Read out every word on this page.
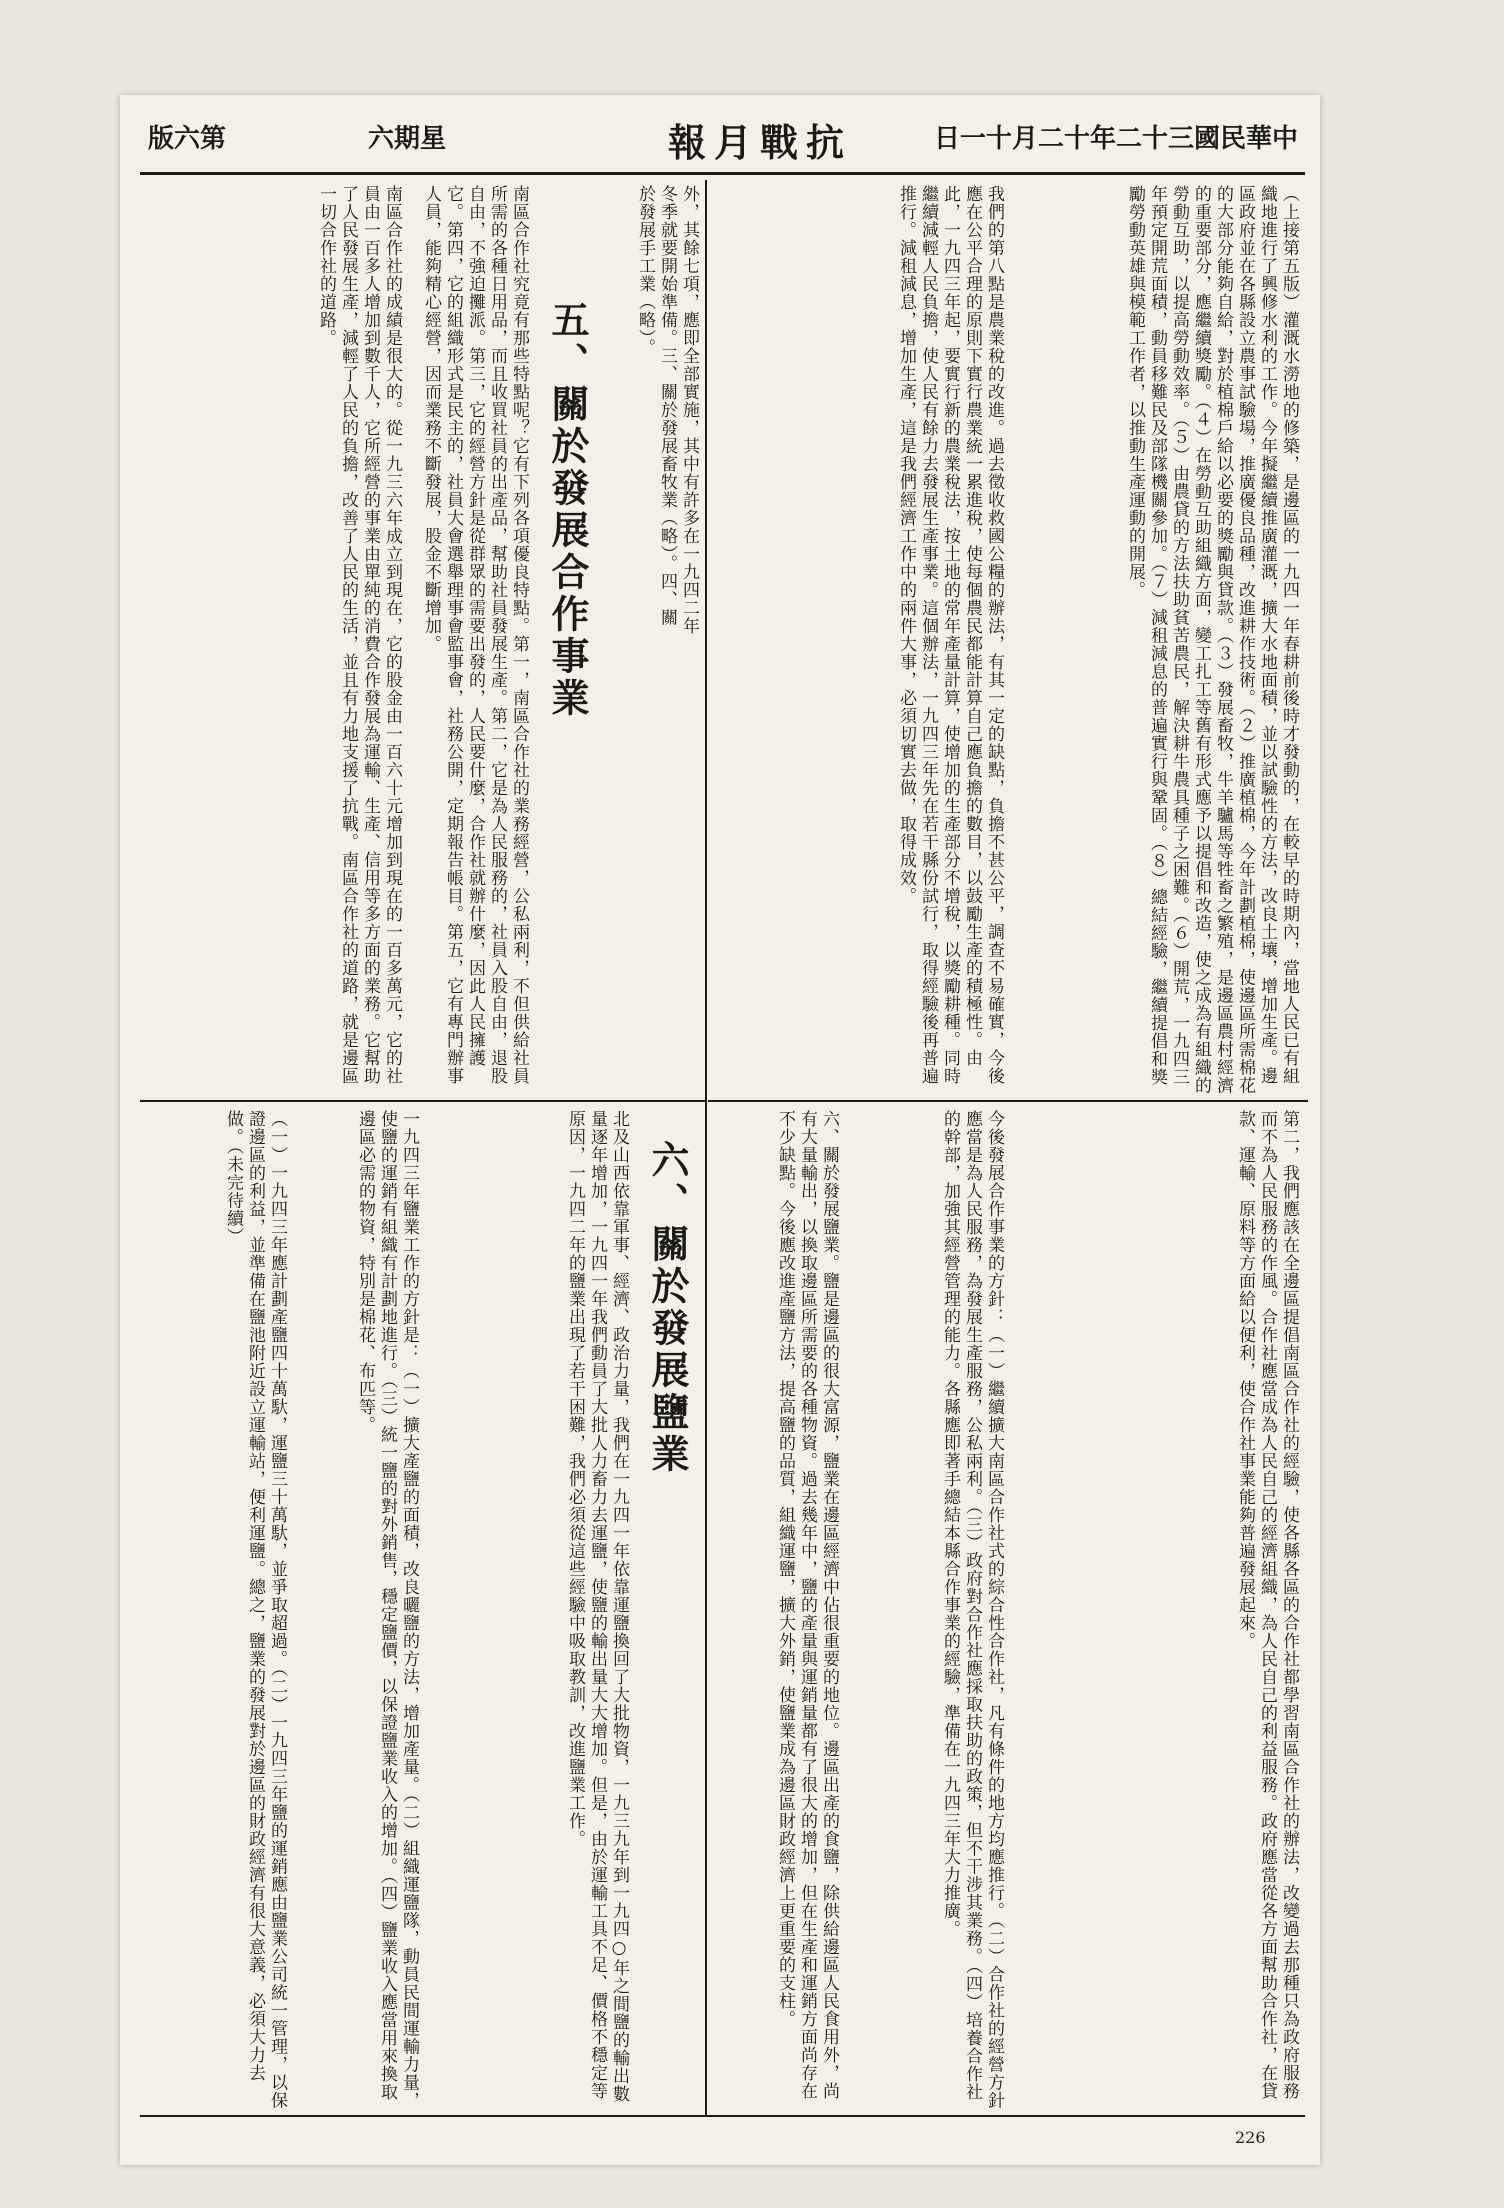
版六第	六期星	報月戰抗	日一十月二十年二十三國民華中

（上接第五版）灌溉水澇地的修築，是邊區的一九四一年春耕前後時才發動的，在較早的時期內，當地人民已有組織地進行了興修水利的工作。今年擬繼續推廣灌溉，擴大水地面積，並以試驗性的方法，改良土壤，增加生產。邊區政府並在各縣設立農事試驗場，推廣優良品種，改進耕作技術。（２）推廣植棉，今年計劃植棉，使邊區所需棉花的大部分能夠自給，對於植棉戶給以必要的獎勵與貸款。（３）發展畜牧，牛羊驢馬等牲畜之繁殖，是邊區農村經濟的重要部分，應繼續獎勵。（４）在勞動互助組織方面，變工扎工等舊有形式應予以提倡和改造，使之成為有組織的勞動互助，以提高勞動效率。（５）由農貸的方法扶助貧苦農民，解決耕牛農具種子之困難。（６）開荒，一九四三年預定開荒面積，動員移難民及部隊機關參加。（７）減租減息的普遍實行與鞏固。（８）總結經驗，繼續提倡和獎勵勞動英雄與模範工作者，以推動生產運動的開展。

我們的第八點是農業稅的改進。過去徵收救國公糧的辦法，有其一定的缺點，負擔不甚公平，調查不易確實，今後應在公平合理的原則下實行農業統一累進稅，使每個農民都能計算自己應負擔的數目，以鼓勵生產的積極性。由此，一九四三年起，要實行新的農業稅法，按土地的常年產量計算，使增加的生產部分不增稅，以獎勵耕種。同時繼續減輕人民負擔，使人民有餘力去發展生產事業。這個辦法，一九四三年先在若干縣份試行，取得經驗後再普遍推行。減租減息，增加生產，這是我們經濟工作中的兩件大事，必須切實去做，取得成效。

外，其餘七項，應即全部實施，其中有許多在一九四二年冬季就要開始準備。三、關於發展畜牧業（略）。四、關於發展手工業（略）。

五、關於發展合作事業

南區合作社究竟有那些特點呢？它有下列各項優良特點。第一，南區合作社的業務經營，公私兩利，不但供給社員所需的各種日用品，而且收買社員的出產品，幫助社員發展生產。第二，它是為人民服務的，社員入股自由，退股自由，不強迫攤派。第三，它的經營方針是從群眾的需要出發的，人民要什麼，合作社就辦什麼，因此人民擁護它。第四，它的組織形式是民主的，社員大會選舉理事會監事會，社務公開，定期報告帳目。第五，它有專門辦事人員，能夠精心經營，因而業務不斷發展，股金不斷增加。

南區合作社的成績是很大的。從一九三六年成立到現在，它的股金由一百六十元增加到現在的一百多萬元，它的社員由一百多人增加到數千人，它所經營的事業由單純的消費合作發展為運輸、生產、信用等多方面的業務。它幫助了人民發展生產，減輕了人民的負擔，改善了人民的生活，並且有力地支援了抗戰。南區合作社的道路，就是邊區一切合作社的道路。

第二，我們應該在全邊區提倡南區合作社的經驗，使各縣各區的合作社都學習南區合作社的辦法，改變過去那種只為政府服務而不為人民服務的作風。合作社應當成為人民自己的經濟組織，為人民自己的利益服務。政府應當從各方面幫助合作社，在貸款、運輸、原料等方面給以便利，使合作社事業能夠普遍發展起來。

今後發展合作事業的方針：（一）繼續擴大南區合作社式的綜合性合作社，凡有條件的地方均應推行。（二）合作社的經營方針應當是為人民服務，為發展生產服務，公私兩利。（三）政府對合作社應採取扶助的政策，但不干涉其業務。（四）培養合作社的幹部，加強其經營管理的能力。各縣應即著手總結本縣合作事業的經驗，準備在一九四三年大力推廣。

六、關於發展鹽業。鹽是邊區的很大富源，鹽業在邊區經濟中佔很重要的地位。邊區出產的食鹽，除供給邊區人民食用外，尚有大量輸出，以換取邊區所需要的各種物資。過去幾年中，鹽的產量與運銷量都有了很大的增加，但在生產和運銷方面尚存在不少缺點。今後應改進產鹽方法，提高鹽的品質，組織運鹽，擴大外銷，使鹽業成為邊區財政經濟上更重要的支柱。

六、關於發展鹽業

北及山西依靠軍事、經濟、政治力量，我們在一九四一年依靠運鹽換回了大批物資，一九三九年到一九四○年之間鹽的輸出數量逐年增加，一九四一年我們動員了大批人力畜力去運鹽，使鹽的輸出量大大增加。但是，由於運輸工具不足、價格不穩定等原因，一九四二年的鹽業出現了若干困難，我們必須從這些經驗中吸取教訓，改進鹽業工作。

一九四三年鹽業工作的方針是：（一）擴大產鹽的面積，改良曬鹽的方法，增加產量。（二）組織運鹽隊，動員民間運輸力量，使鹽的運銷有組織有計劃地進行。（三）統一鹽的對外銷售，穩定鹽價，以保證鹽業收入的增加。（四）鹽業收入應當用來換取邊區必需的物資，特別是棉花、布匹等。

（一）一九四三年應計劃產鹽四十萬馱，運鹽三十萬馱，並爭取超過。（二）一九四三年鹽的運銷應由鹽業公司統一管理，以保證邊區的利益，並準備在鹽池附近設立運輸站，便利運鹽。總之，鹽業的發展對於邊區的財政經濟有很大意義，必須大力去做。（未完待續）

226
